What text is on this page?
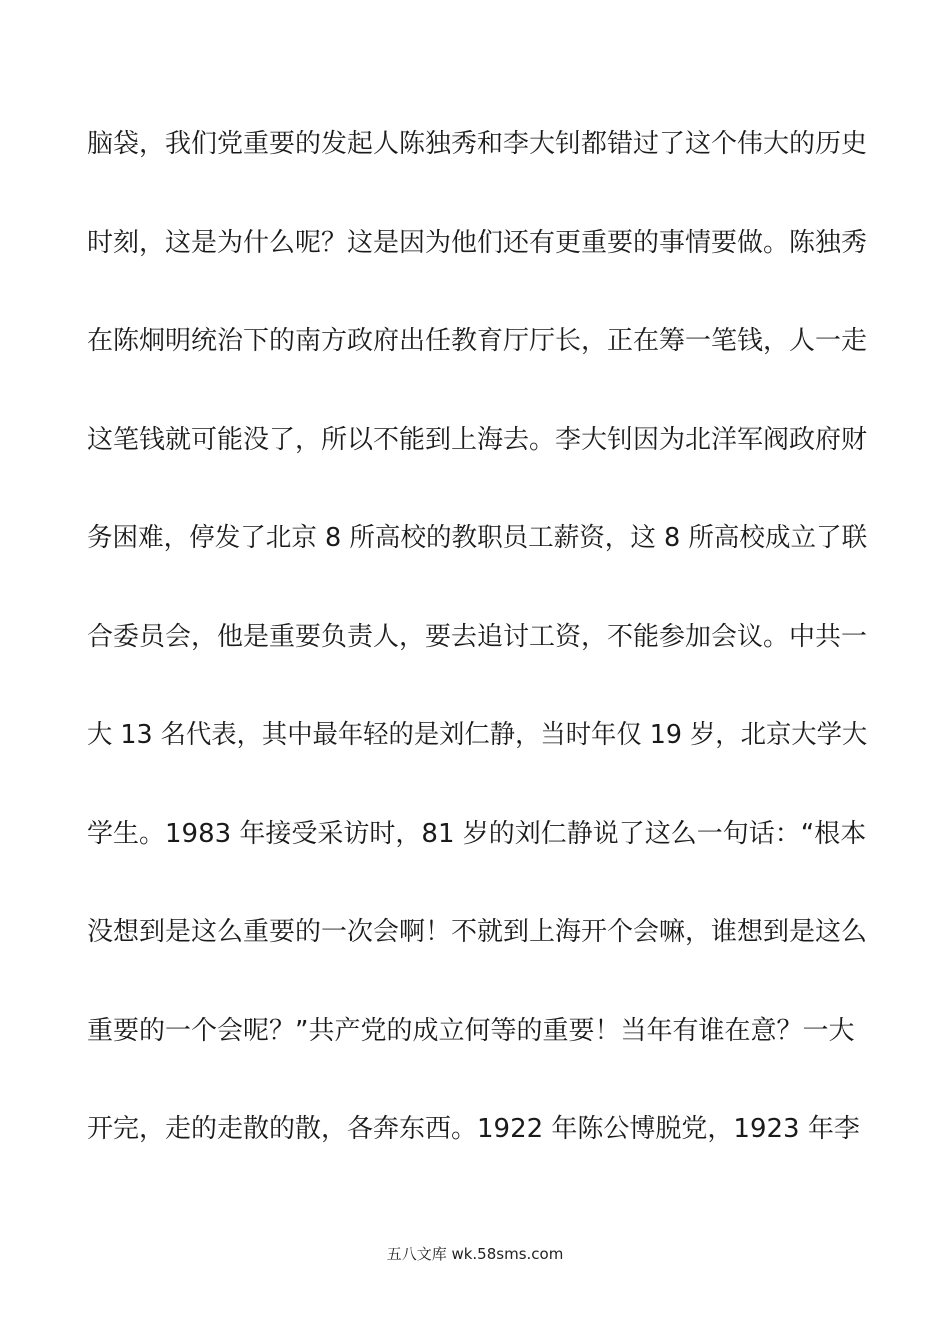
脑袋，我们党重要的发起人陈独秀和李大钊都错过了这个伟大的历史
时刻，这是为什么呢？这是因为他们还有更重要的事情要做。陈独秀
在陈炯明统治下的南方政府出任教育厅厅长，正在筹一笔钱，人一走
这笔钱就可能没了，所以不能到上海去。李大钊因为北洋军阀政府财
务困难，停发了北京 8 所高校的教职员工薪资，这 8 所高校成立了联
合委员会，他是重要负责人，要去追讨工资，不能参加会议。中共一
大 13 名代表，其中最年轻的是刘仁静，当时年仅 19 岁，北京大学大
学生。1983 年接受采访时，81 岁的刘仁静说了这么一句话：“根本
没想到是这么重要的一次会啊！不就到上海开个会嘛，谁想到是这么
重要的一个会呢？”共产党的成立何等的重要！当年有谁在意？一大
开完，走的走散的散，各奔东西。1922 年陈公博脱党，1923 年李
五八文库 wk.58sms.com
